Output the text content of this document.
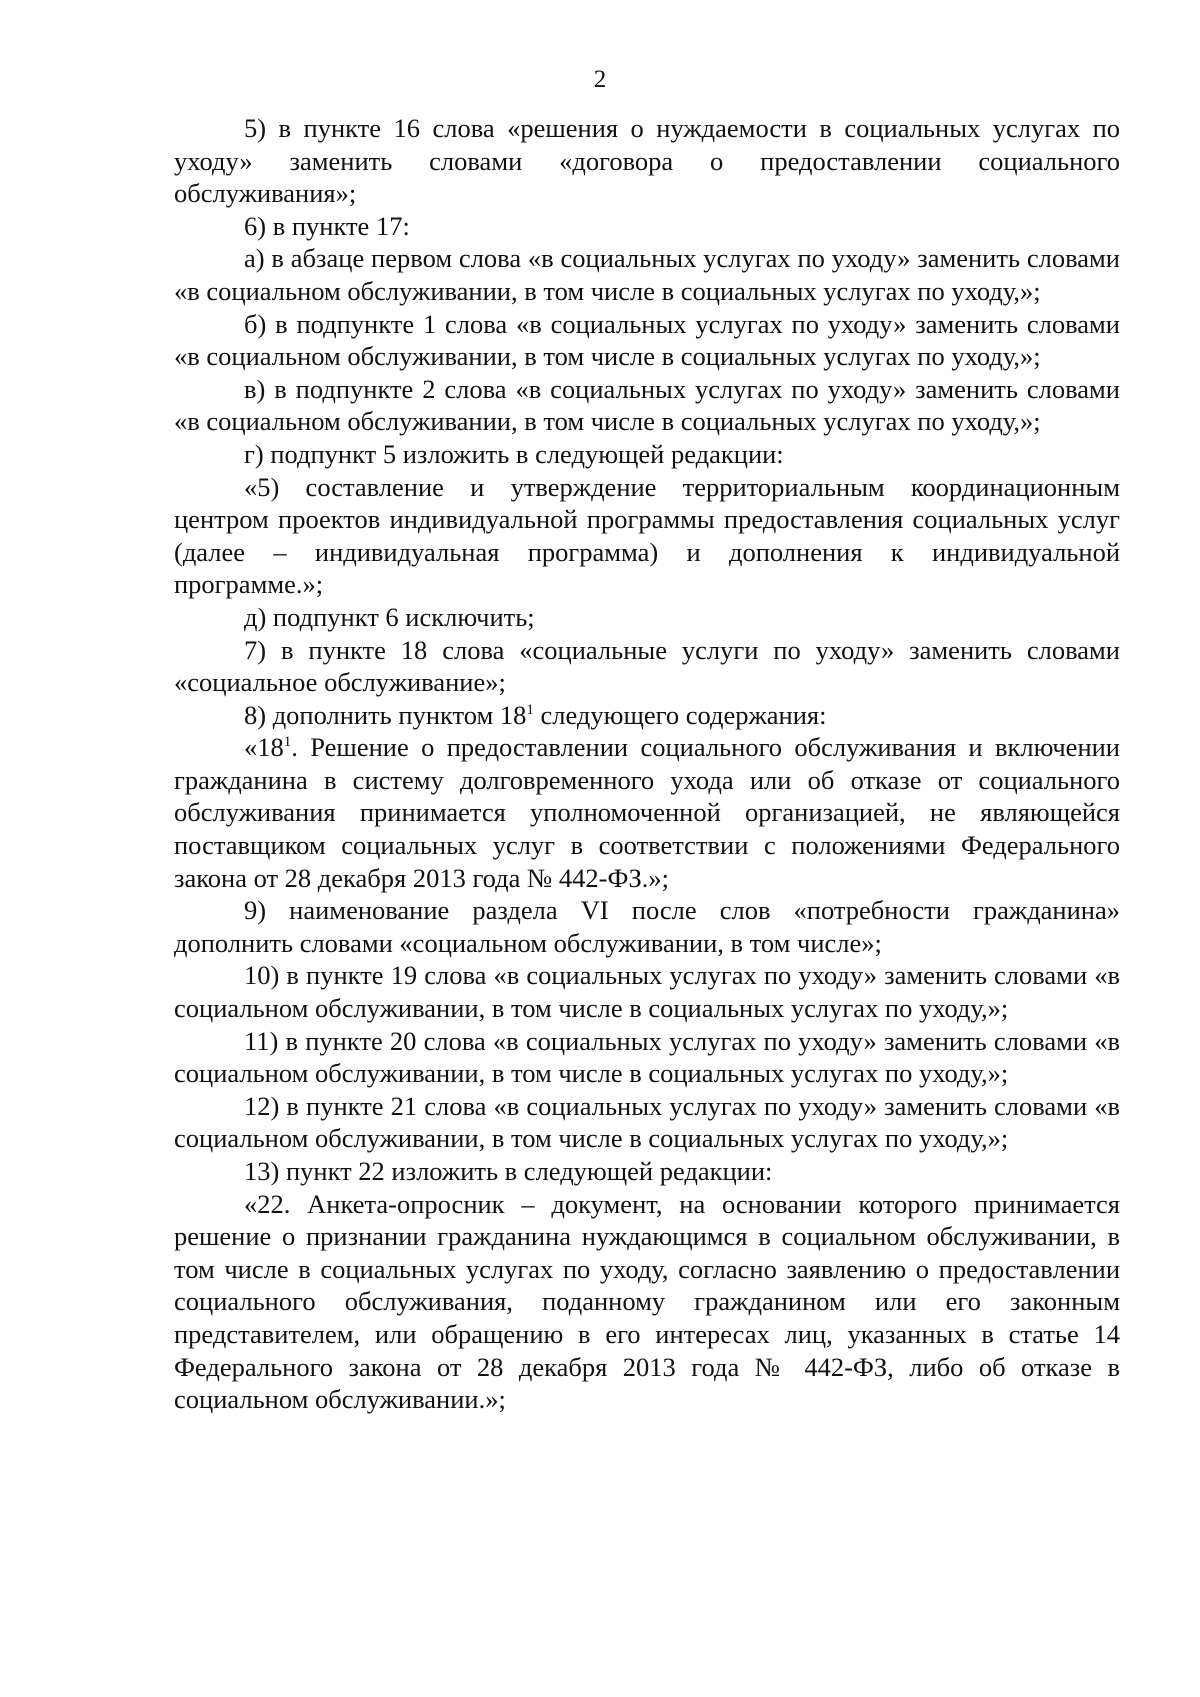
2

5) в пункте 16 слова «решения о нуждаемости в социальных услугах по уходу» заменить словами «договора о предоставлении социального обслуживания»;

6) в пункте 17:

а) в абзаце первом слова «в социальных услугах по уходу» заменить словами «в социальном обслуживании, в том числе в социальных услугах по уходу,»;

б) в подпункте 1 слова «в социальных услугах по уходу» заменить словами «в социальном обслуживании, в том числе в социальных услугах по уходу,»;

в) в подпункте 2 слова «в социальных услугах по уходу» заменить словами «в социальном обслуживании, в том числе в социальных услугах по уходу,»;

г) подпункт 5 изложить в следующей редакции:

«5) составление и утверждение территориальным координационным центром проектов индивидуальной программы предоставления социальных услуг (далее – индивидуальная программа) и дополнения к индивидуальной программе.»;

д) подпункт 6 исключить;

7) в пункте 18 слова «социальные услуги по уходу» заменить словами «социальное обслуживание»;

8) дополнить пунктом $18^1$ следующего содержания:

«$18^1$. Решение о предоставлении социального обслуживания и включении гражданина в систему долговременного ухода или об отказе от социального обслуживания принимается уполномоченной организацией, не являющейся поставщиком социальных услуг в соответствии с положениями Федерального закона от 28 декабря 2013 года № 442-ФЗ.»;

9) наименование раздела VI после слов «потребности гражданина» дополнить словами «социальном обслуживании, в том числе»;

10) в пункте 19 слова «в социальных услугах по уходу» заменить словами «в социальном обслуживании, в том числе в социальных услугах по уходу,»;

11) в пункте 20 слова «в социальных услугах по уходу» заменить словами «в социальном обслуживании, в том числе в социальных услугах по уходу,»;

12) в пункте 21 слова «в социальных услугах по уходу» заменить словами «в социальном обслуживании, в том числе в социальных услугах по уходу,»;

13) пункт 22 изложить в следующей редакции:

«22. Анкета-опросник – документ, на основании которого принимается решение о признании гражданина нуждающимся в социальном обслуживании, в том числе в социальных услугах по уходу, согласно заявлению о предоставлении социального обслуживания, поданному гражданином или его законным представителем, или обращению в его интересах лиц, указанных в статье 14 Федерального закона от 28 декабря 2013 года № 442-ФЗ, либо об отказе в социальном обслуживании.»;
